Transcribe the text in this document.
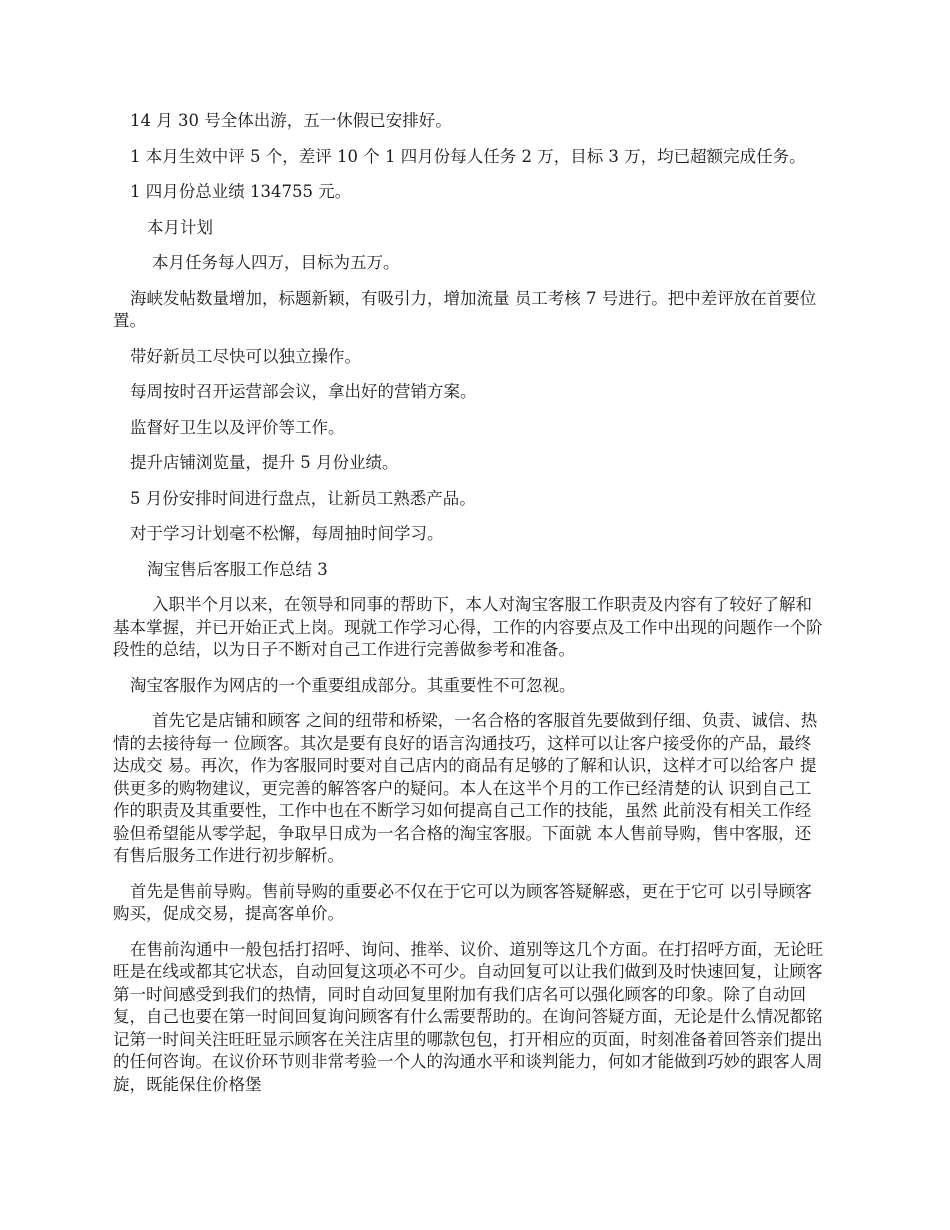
14 月 30 号全体出游，五一休假已安排好。

1 本月生效中评 5 个，差评 10 个 1 四月份每人任务 2 万，目标 3 万，均已超额完成任务。

1 四月份总业绩 134755 元。

本月计划

本月任务每人四万，目标为五万。

海峡发帖数量增加，标题新颖，有吸引力，增加流量 员工考核 7 号进行。把中差评放在首要位置。

带好新员工尽快可以独立操作。

每周按时召开运营部会议，拿出好的营销方案。

监督好卫生以及评价等工作。

提升店铺浏览量，提升 5 月份业绩。

5 月份安排时间进行盘点，让新员工熟悉产品。

对于学习计划毫不松懈，每周抽时间学习。

淘宝售后客服工作总结 3

入职半个月以来，在领导和同事的帮助下，本人对淘宝客服工作职责及内容有了较好了解和基本掌握，并已开始正式上岗。现就工作学习心得，工作的内容要点及工作中出现的问题作一个阶段性的总结，以为日子不断对自己工作进行完善做参考和准备。

淘宝客服作为网店的一个重要组成部分。其重要性不可忽视。

首先它是店铺和顾客 之间的纽带和桥梁，一名合格的客服首先要做到仔细、负责、诚信、热情的去接待每一 位顾客。其次是要有良好的语言沟通技巧，这样可以让客户接受你的产品，最终达成交 易。再次，作为客服同时要对自己店内的商品有足够的了解和认识，这样才可以给客户 提供更多的购物建议，更完善的解答客户的疑问。本人在这半个月的工作已经清楚的认 识到自己工作的职责及其重要性，工作中也在不断学习如何提高自己工作的技能，虽然 此前没有相关工作经验但希望能从零学起，争取早日成为一名合格的淘宝客服。下面就 本人售前导购，售中客服，还有售后服务工作进行初步解析。

首先是售前导购。售前导购的重要必不仅在于它可以为顾客答疑解惑，更在于它可 以引导顾客购买，促成交易，提高客单价。

在售前沟通中一般包括打招呼、询问、推举、议价、道别等这几个方面。在打招呼方面，无论旺旺是在线或都其它状态，自动回复这项必不可少。自动回复可以让我们做到及时快速回复，让顾客第一时间感受到我们的热情，同时自动回复里附加有我们店名可以强化顾客的印象。除了自动回复，自己也要在第一时间回复询问顾客有什么需要帮助的。在询问答疑方面，无论是什么情况都铭记第一时间关注旺旺显示顾客在关注店里的哪款包包，打开相应的页面，时刻准备着回答亲们提出的任何咨询。在议价环节则非常考验一个人的沟通水平和谈判能力，何如才能做到巧妙的跟客人周旋，既能保住价格堡
